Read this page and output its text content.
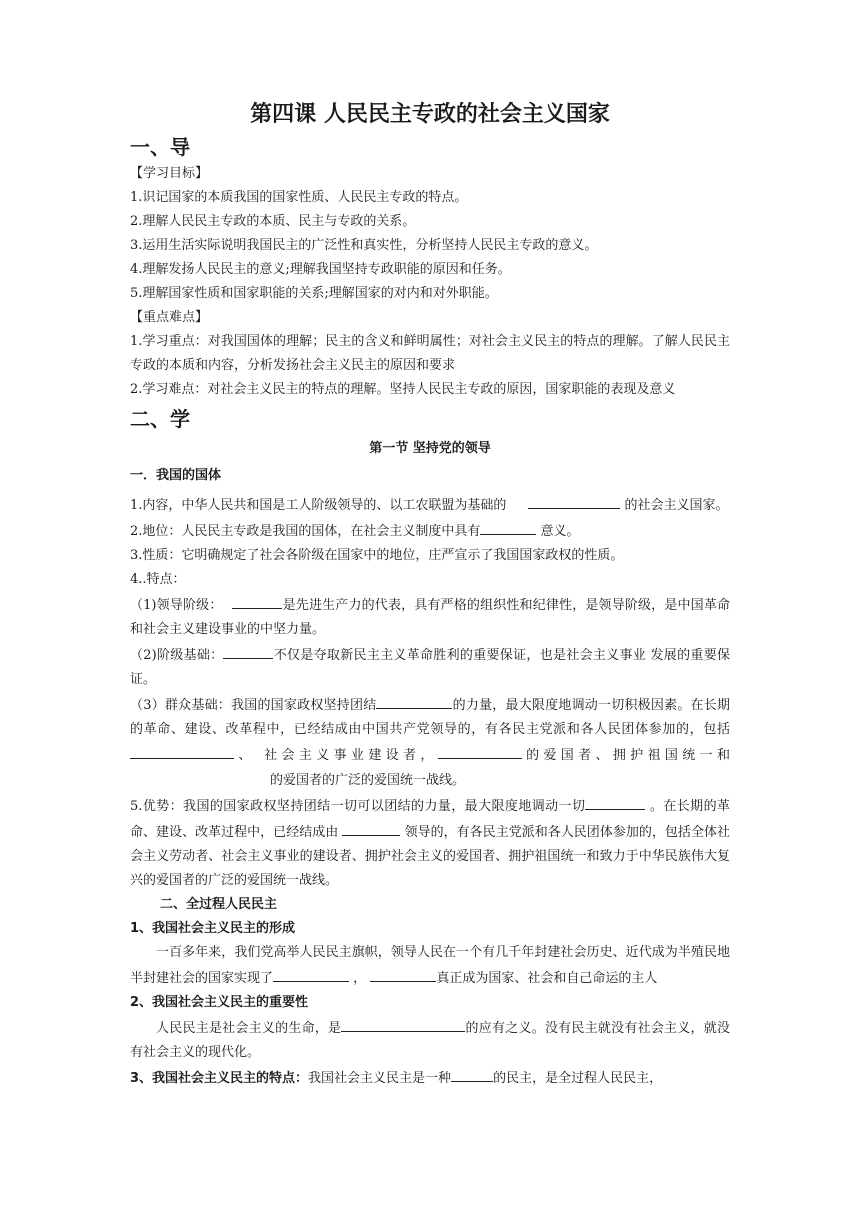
第四课 人民民主专政的社会主义国家
一、导

【学习目标】

1.识记国家的本质我国的国家性质、人民民主专政的特点。

2.理解人民民主专政的本质、民主与专政的关系。

3.运用生活实际说明我国民主的广泛性和真实性，分析坚持人民民主专政的意义。

4.理解发扬人民民主的意义;理解我国坚持专政职能的原因和任务。

5.理解国家性质和国家职能的关系;理解国家的对内和对外职能。

【重点难点】

1.学习重点：对我国国体的理解；民主的含义和鲜明属性；对社会主义民主的特点的理解。了解人民民主专政的本质和内容，分析发扬社会主义民主的原因和要求

2.学习难点：对社会主义民主的特点的理解。坚持人民民主专政的原因，国家职能的表现及意义

二、学
第一节 坚持党的领导
一．我国的国体

1.内容，中华人民共和国是工人阶级领导的、以工农联盟为基础的	的社会主义国家。

2.地位：人民民主专政是我国的国体，在社会主义制度中具有	意义。

3.性质：它明确规定了社会各阶级在国家中的地位，庄严宣示了我国国家政权的性质。

4..特点：

（1)领导阶级：	是先进生产力的代表，具有严格的组织性和纪律性，是领导阶级，是中国革命和社会主义建设事业的中坚力量。

（2)阶级基础：	不仅是夺取新民主主义革命胜利的重要保证，也是社会主义事业 发展的重要保证。

（3）群众基础：我国的国家政权坚持团结	的力量，最大限度地调动一切积极因素。在长期的革命、建设、改革程中，已经结成由中国共产党领导的，有各民主党派和各人民团体参加的，包括、 社会主义事业建设者，	的爱国者、拥护祖国统一和的爱国者的广泛的爱国统一战线。

5.优势：我国的国家政权坚持团结一切可以团结的力量，最大限度地调动一切	。在长期的革命、建设、改革过程中，已经结成由	领导的，有各民主党派和各人民团体参加的，包括全体社会主义劳动者、社会主义事业的建设者、拥护社会主义的爱国者、拥护祖国统一和致力于中华民族伟大复兴的爱国者的广泛的爱国统一战线。

二、全过程人民民主
1、我国社会主义民主的形成

一百多年来，我们党高举人民民主旗帜，领导人民在一个有几千年封建社会历史、近代成为半殖民地半封建社会的国家实现了	，	真正成为国家、社会和自己命运的主人

2、我国社会主义民主的重要性

人民民主是社会主义的生命，是	的应有之义。没有民主就没有社会主义，就没有社会主义的现代化。

3、我国社会主义民主的特点：我国社会主义民主是一种	的民主，是全过程人民民主，
